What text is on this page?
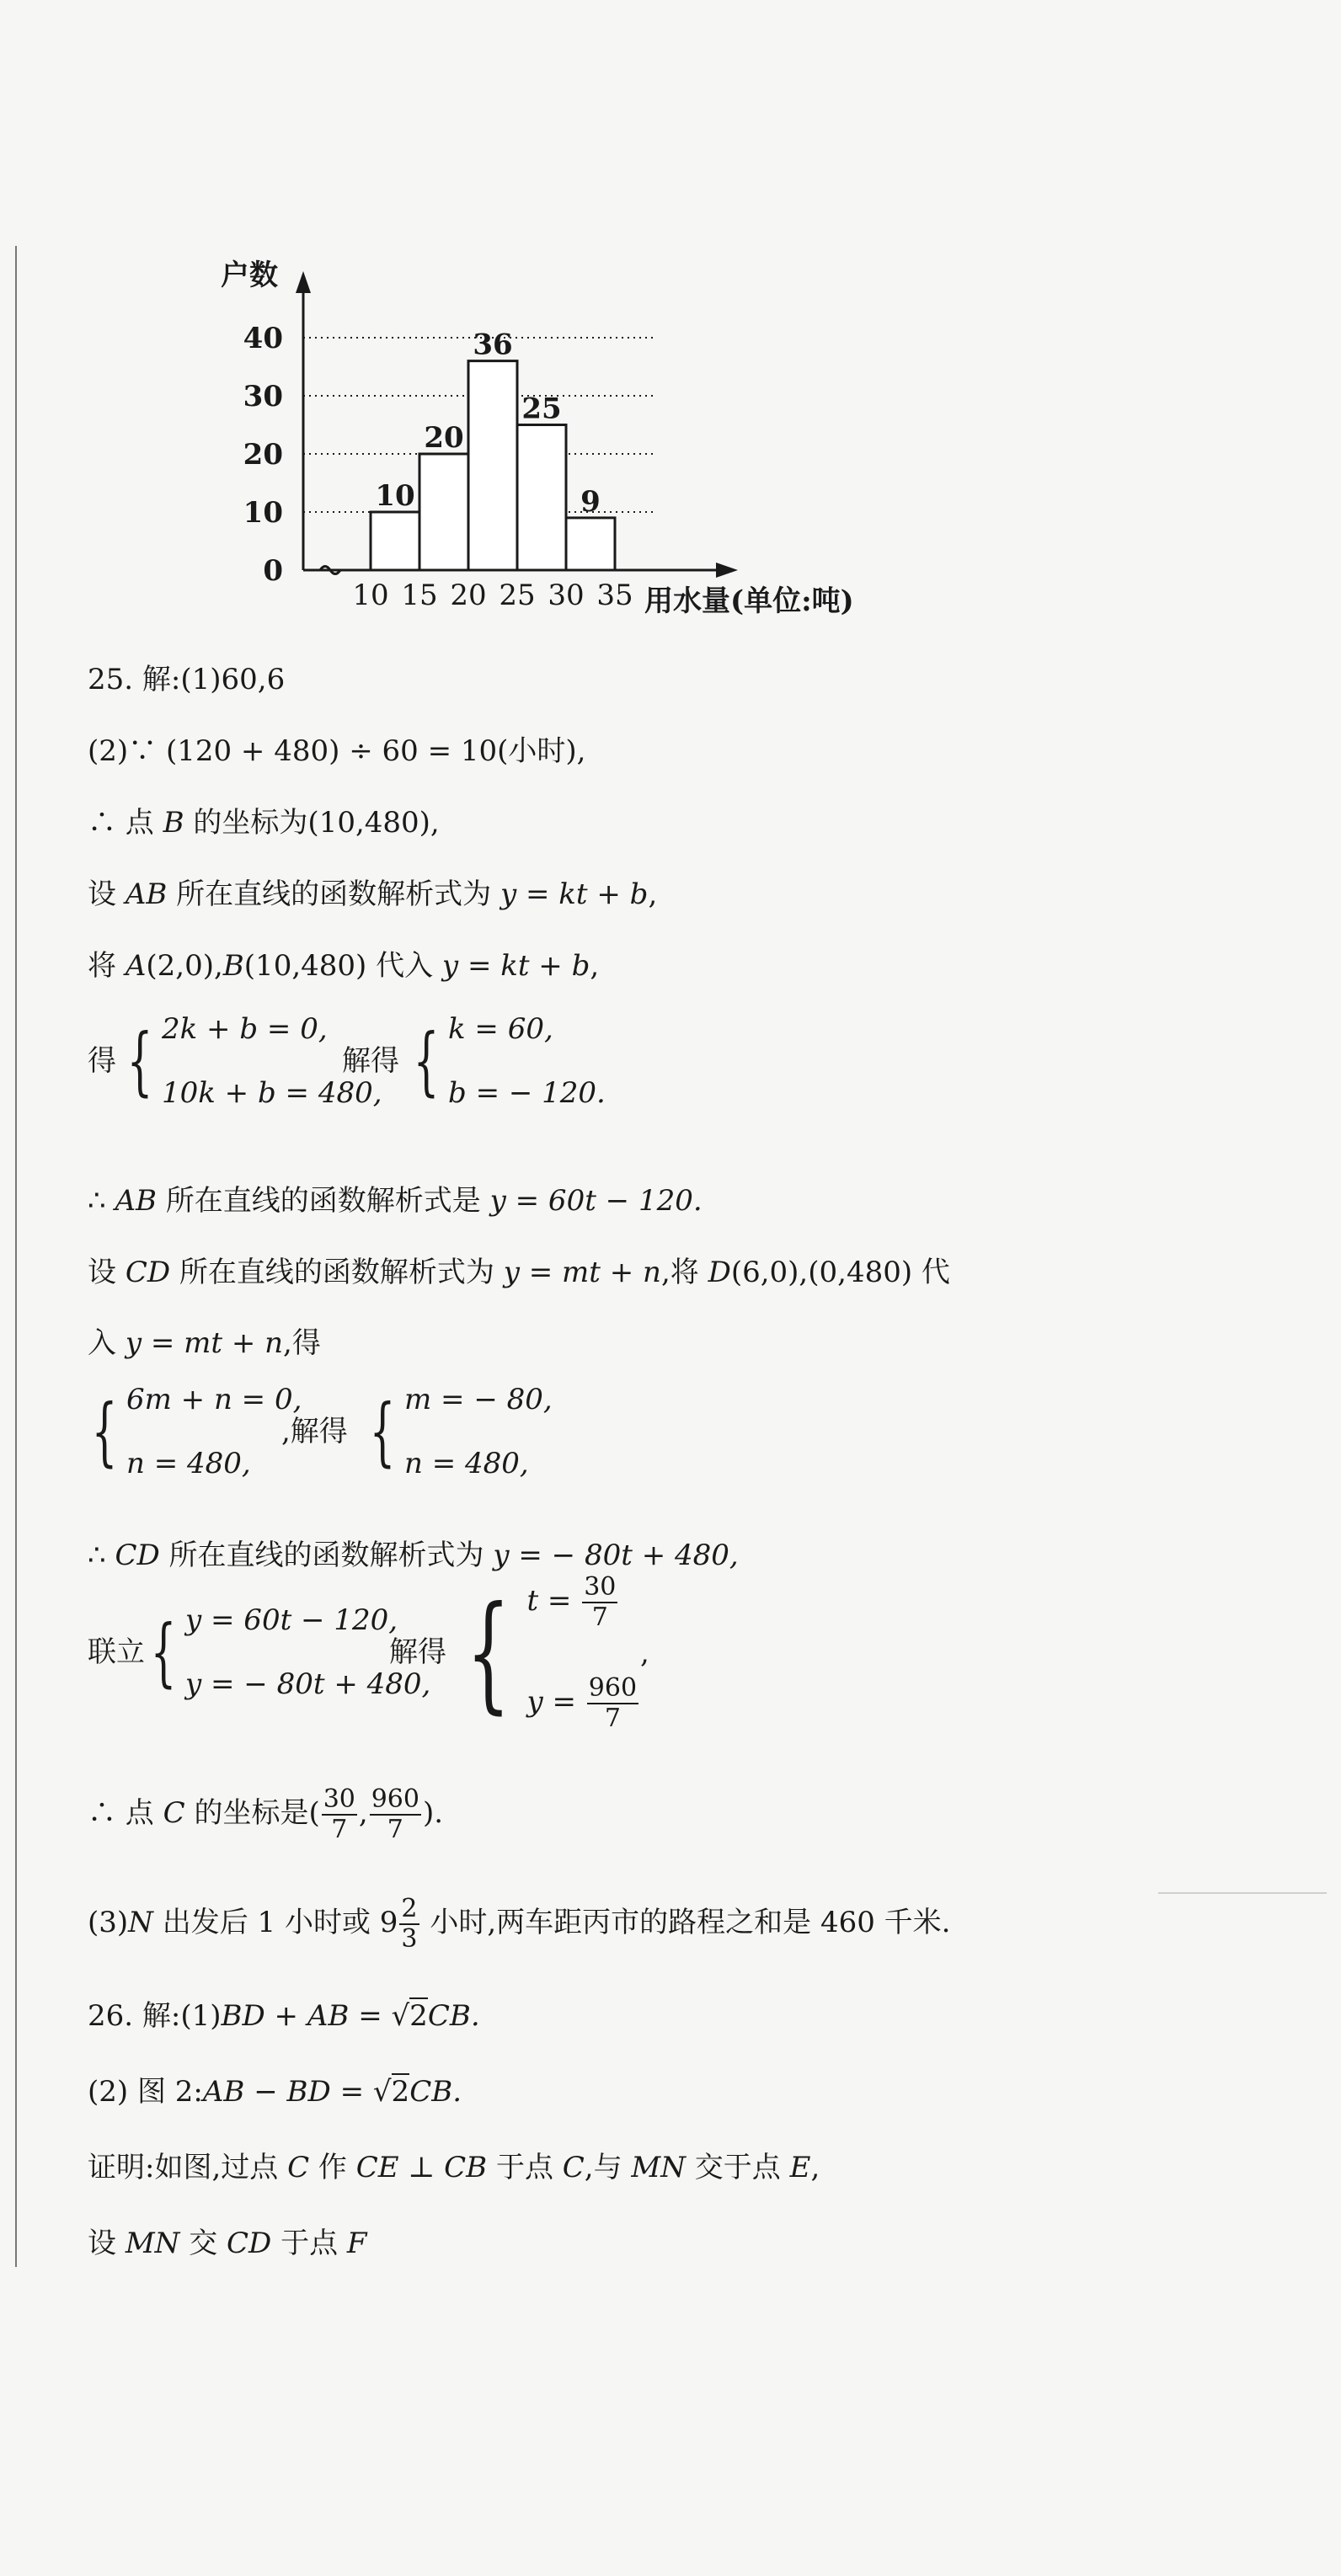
10
20
36
25
9
0
10
20
30
40
10 15 20 25 30 35
户数
用水量(单位:吨)
25. 解:(1)60,6
(2)∵ (120 + 480) ÷ 60 = 10(小时),
∴ 点 B 的坐标为(10,480),
设 AB 所在直线的函数解析式为 y = kt + b,
将 A(2,0),B(10,480) 代入 y = kt + b,
得 { 2k + b = 0,
10k + b = 480,
解得 { k = 60,
b = − 120.
∴ AB 所在直线的函数解析式是 y = 60t − 120.
设 CD 所在直线的函数解析式为 y = mt + n,将 D(6,0),(0,480) 代
入 y = mt + n,得
{ 6m + n = 0,
n = 480,
,解得 { m = − 80,
n = 480,
∴ CD 所在直线的函数解析式为 y = − 80t + 480,
联立 { y = 60t − 120,
y = − 80t + 480,
解得 { $t = \frac{30}{7}$
$y = \frac{960}{7}$
,
∴ 点 C 的坐标是( $\frac{30}{7}$ , $\frac{960}{7}$ ).
(3)N 出发后 1 小时或 $9 \frac{2}{3}$ 小时,两车距丙市的路程之和是 460 千米.
26. 解:(1)BD + AB = √2CB.
(2) 图 2:AB − BD = √2CB.
证明:如图,过点 C 作 CE ⊥ CB 于点 C,与 MN 交于点 E,
设 MN 交 CD 于点 F
